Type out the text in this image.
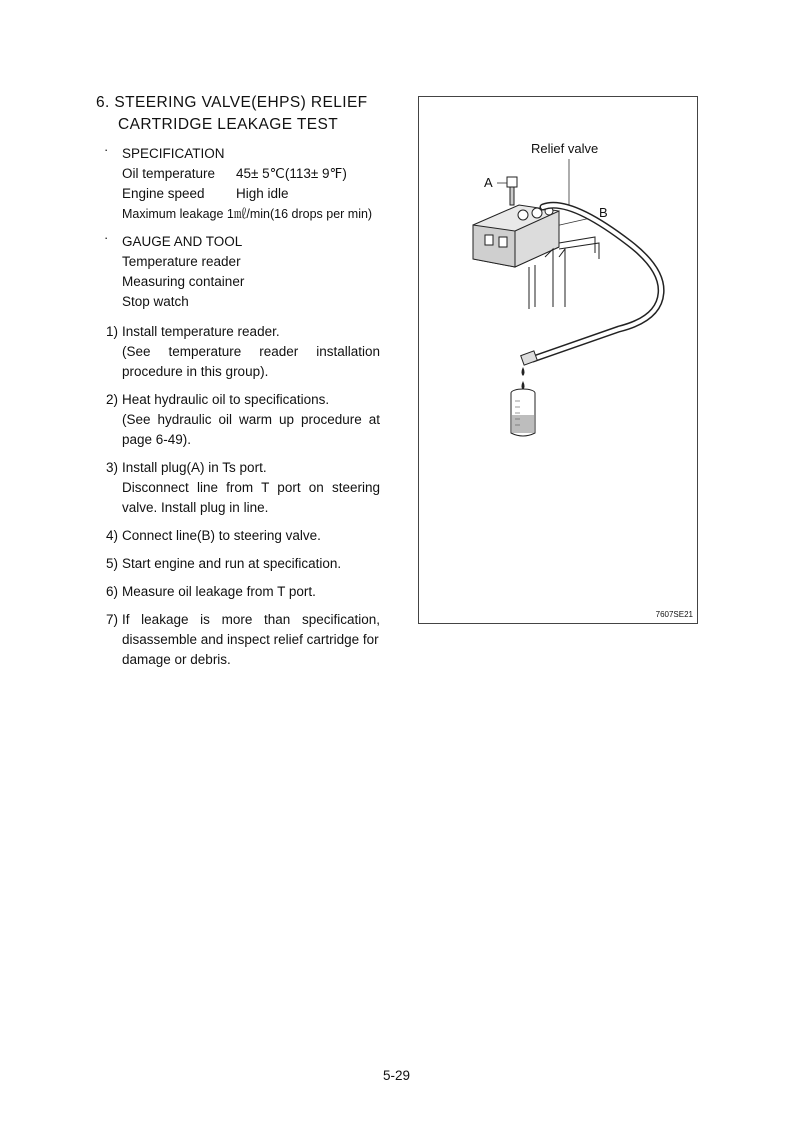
6. STEERING VALVE(EHPS) RELIEF
CARTRIDGE LEAKAGE TEST
· SPECIFICATION
Oil temperature	45± 5℃(113± 9℉)
Engine speed	High idle
Maximum leakage 1㎖/min(16 drops per min)	
· GAUGE AND TOOL
Temperature reader
Measuring container
Stop watch
1) Install temperature reader.
(See temperature reader installation
procedure in this group).
2) Heat hydraulic oil to specifications.
(See hydraulic oil warm up procedure at
page 6-49).
3) Install plug(A) in Ts port.
Disconnect line from T port on steering
valve. Install plug in line.
4) Connect line(B) to steering valve.
5) Start engine and run at specification.
6) Measure oil leakage from T port.
7) If leakage is more than specification,
disassemble and inspect relief cartridge for
damage or debris.
Relief valve
A
B
7607SE21
5-29
